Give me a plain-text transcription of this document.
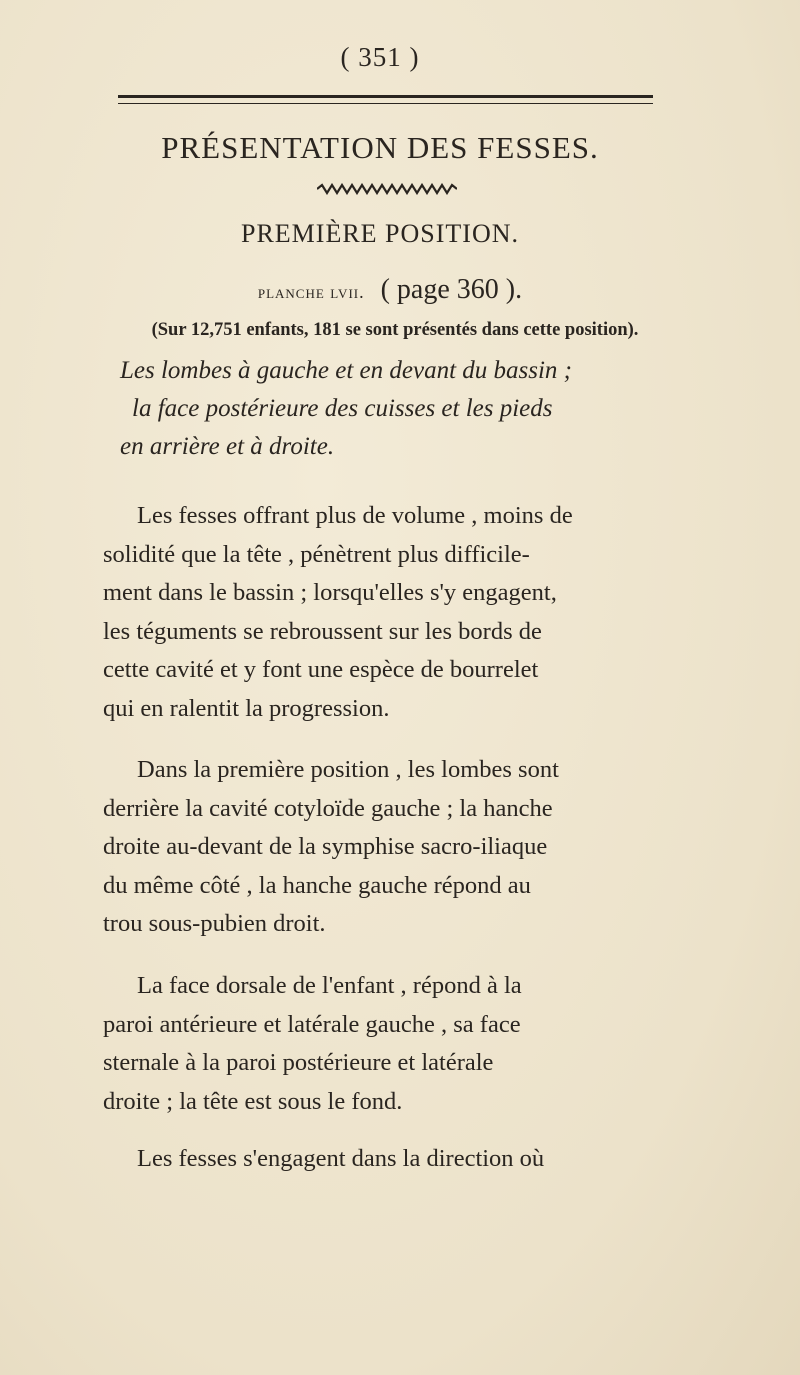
( 351 )
PRÉSENTATION DES FESSES.
PREMIÈRE POSITION.
planche lvii. ( page 360 ).
(Sur 12,751 enfants, 181 se sont présentés dans cette position).
Les lombes à gauche et en devant du bassin ;
la face postérieure des cuisses et les pieds
en arrière et à droite.
Les fesses offrant plus de volume , moins de
solidité que la tête , pénètrent plus difficile-
ment dans le bassin ; lorsqu'elles s'y engagent,
les téguments se rebroussent sur les bords de
cette cavité et y font une espèce de bourrelet
qui en ralentit la progression.
Dans la première position , les lombes sont
derrière la cavité cotyloïde gauche ; la hanche
droite au-devant de la symphise sacro-iliaque
du même côté , la hanche gauche répond au
trou sous-pubien droit.
La face dorsale de l'enfant , répond à la
paroi antérieure et latérale gauche , sa face
sternale à la paroi postérieure et latérale
droite ; la tête est sous le fond.
Les fesses s'engagent dans la direction où
